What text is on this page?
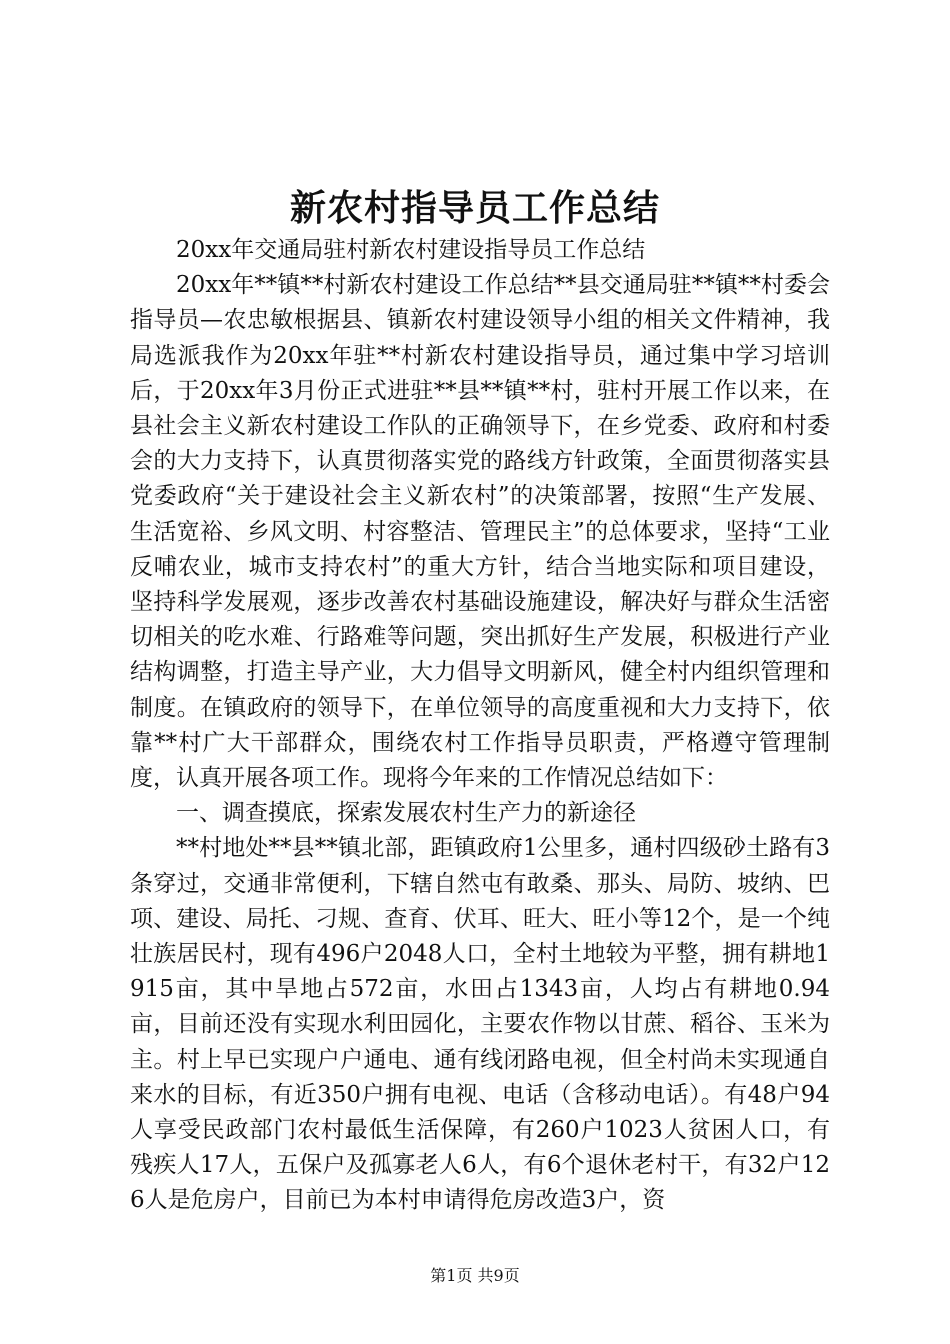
新农村指导员工作总结

20xx年交通局驻村新农村建设指导员工作总结

20xx年**镇**村新农村建设工作总结**县交通局驻**镇**村委会指导员—农忠敏根据县、镇新农村建设领导小组的相关文件精神，我局选派我作为20xx年驻**村新农村建设指导员，通过集中学习培训后，于20xx年3月份正式进驻**县**镇**村，驻村开展工作以来，在县社会主义新农村建设工作队的正确领导下，在乡党委、政府和村委会的大力支持下，认真贯彻落实党的路线方针政策，全面贯彻落实县党委政府“关于建设社会主义新农村”的决策部署，按照“生产发展、生活宽裕、乡风文明、村容整洁、管理民主”的总体要求，坚持“工业反哺农业，城市支持农村”的重大方针，结合当地实际和项目建设，坚持科学发展观，逐步改善农村基础设施建设，解决好与群众生活密切相关的吃水难、行路难等问题，突出抓好生产发展，积极进行产业结构调整，打造主导产业，大力倡导文明新风，健全村内组织管理和制度。在镇政府的领导下，在单位领导的高度重视和大力支持下，依靠**村广大干部群众，围绕农村工作指导员职责，严格遵守管理制度，认真开展各项工作。现将今年来的工作情况总结如下：

一、调查摸底，探索发展农村生产力的新途径

**村地处**县**镇北部，距镇政府1公里多，通村四级砂土路有3条穿过，交通非常便利，下辖自然屯有敢桑、那头、局防、坡纳、巴项、建设、局托、刁规、查育、伏耳、旺大、旺小等12个，是一个纯壮族居民村，现有496户2048人口，全村土地较为平整，拥有耕地1915亩，其中旱地占572亩，水田占1343亩，人均占有耕地0.94亩，目前还没有实现水利田园化，主要农作物以甘蔗、稻谷、玉米为主。村上早已实现户户通电、通有线闭路电视，但全村尚未实现通自来水的目标，有近350户拥有电视、电话（含移动电话）。有48户94人享受民政部门农村最低生活保障，有260户1023人贫困人口，有残疾人17人，五保户及孤寡老人6人，有6个退休老村干，有32户126人是危房户，目前已为本村申请得危房改造3户，资

第1页 共9页
